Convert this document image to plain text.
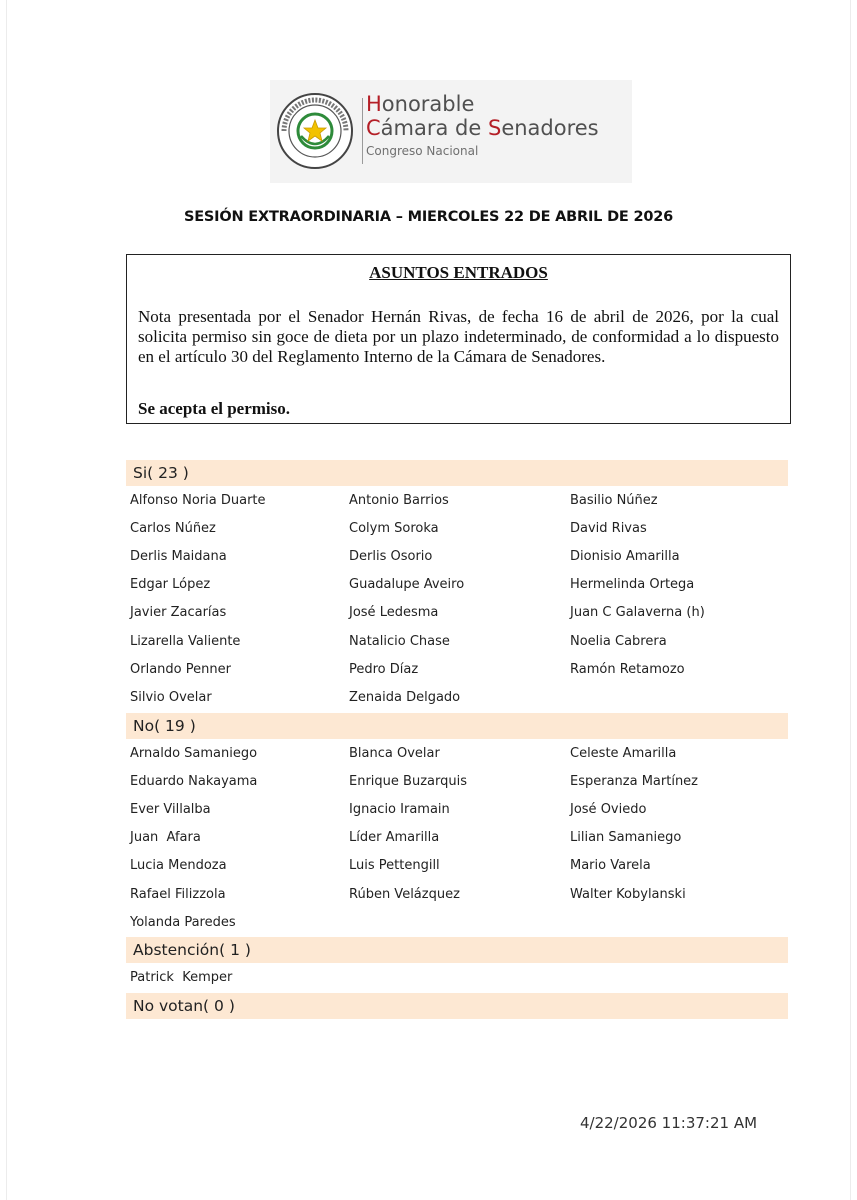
Honorable
Cámara de Senadores
Congreso Nacional
SESIÓN EXTRAORDINARIA – MIERCOLES 22 DE ABRIL DE 2026
ASUNTOS ENTRADOS
Nota presentada por el Senador Hernán Rivas, de fecha 16 de abril de 2026, por la cual solicita permiso sin goce de dieta por un plazo indeterminado, de conformidad a lo dispuesto en el artículo 30 del Reglamento Interno de la Cámara de Senadores.
Se acepta el permiso.
Si( 23 )
Alfonso Noria Duarte	Antonio Barrios	Basilio Núñez
Carlos Núñez	Colym Soroka	David Rivas
Derlis Maidana	Derlis Osorio	Dionisio Amarilla
Edgar López	Guadalupe Aveiro	Hermelinda Ortega
Javier Zacarías	José Ledesma	Juan C Galaverna (h)
Lizarella Valiente	Natalicio Chase	Noelia Cabrera
Orlando Penner	Pedro Díaz	Ramón Retamozo
Silvio Ovelar	Zenaida Delgado
No( 19 )
Arnaldo Samaniego	Blanca Ovelar	Celeste Amarilla
Eduardo Nakayama	Enrique Buzarquis	Esperanza Martínez
Ever Villalba	Ignacio Iramain	José Oviedo
Juan  Afara	Líder Amarilla	Lilian Samaniego
Lucia Mendoza	Luis Pettengill	Mario Varela
Rafael Filizzola	Rúben Velázquez	Walter Kobylanski
Yolanda Paredes
Abstención( 1 )
Patrick  Kemper
No votan( 0 )
4/22/2026 11:37:21 AM
